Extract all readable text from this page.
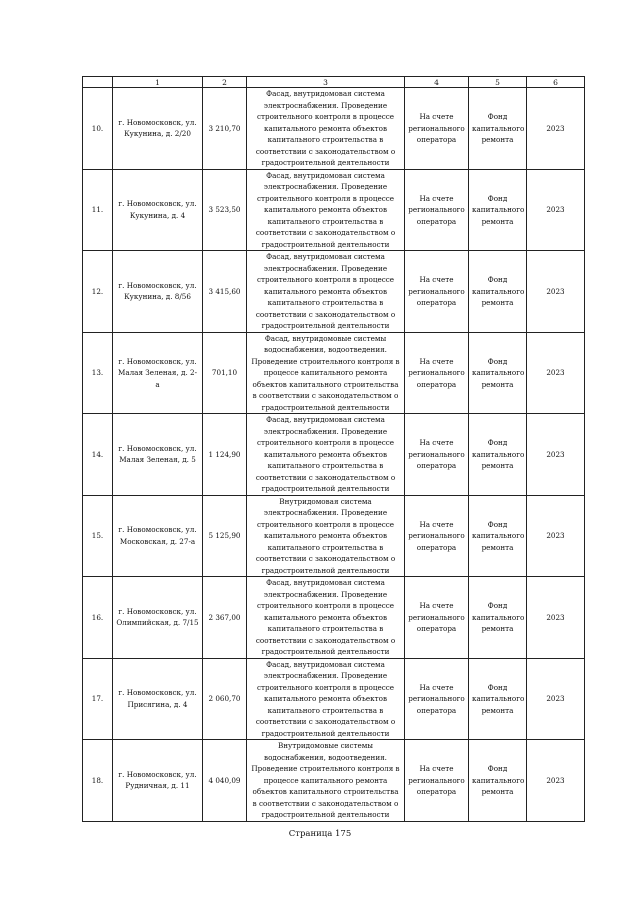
	1	2	3	4	5	6
10.	г. Новомосковск, ул. Кукунина, д. 2/20	3 210,70	Фасад, внутридомовая система электроснабжения. Проведение строительного контроля в процессе капитального ремонта объектов капитального строительства в соответствии с законодательством о градостроительной деятельности	На счете регионального оператора	Фонд капитального ремонта	2023
11.	г. Новомосковск, ул. Кукунина, д. 4	3 523,50	Фасад, внутридомовая система электроснабжения. Проведение строительного контроля в процессе капитального ремонта объектов капитального строительства в соответствии с законодательством о градостроительной деятельности	На счете регионального оператора	Фонд капитального ремонта	2023
12.	г. Новомосковск, ул. Кукунина, д. 8/56	3 415,60	Фасад, внутридомовая система электроснабжения. Проведение строительного контроля в процессе капитального ремонта объектов капитального строительства в соответствии с законодательством о градостроительной деятельности	На счете регионального оператора	Фонд капитального ремонта	2023
13.	г. Новомосковск, ул. Малая Зеленая, д. 2-а	701,10	Фасад, внутридомовые системы водоснабжения, водоотведения. Проведение строительного контроля в процессе капитального ремонта объектов капитального строительства в соответствии с законодательством о градостроительной деятельности	На счете регионального оператора	Фонд капитального ремонта	2023
14.	г. Новомосковск, ул. Малая Зеленая, д. 5	1 124,90	Фасад, внутридомовая система электроснабжения. Проведение строительного контроля в процессе капитального ремонта объектов капитального строительства в соответствии с законодательством о градостроительной деятельности	На счете регионального оператора	Фонд капитального ремонта	2023
15.	г. Новомосковск, ул. Московская, д. 27-а	5 125,90	Внутридомовая система электроснабжения. Проведение строительного контроля в процессе капитального ремонта объектов капитального строительства в соответствии с законодательством о градостроительной деятельности	На счете регионального оператора	Фонд капитального ремонта	2023
16.	г. Новомосковск, ул. Олимпийская, д. 7/15	2 367,00	Фасад, внутридомовая система электроснабжения. Проведение строительного контроля в процессе капитального ремонта объектов капитального строительства в соответствии с законодательством о градостроительной деятельности	На счете регионального оператора	Фонд капитального ремонта	2023
17.	г. Новомосковск, ул. Присягина, д. 4	2 060,70	Фасад, внутридомовая система электроснабжения. Проведение строительного контроля в процессе капитального ремонта объектов капитального строительства в соответствии с законодательством о градостроительной деятельности	На счете регионального оператора	Фонд капитального ремонта	2023
18.	г. Новомосковск, ул. Рудничная, д. 11	4 040,09	Внутридомовые системы водоснабжения, водоотведения. Проведение строительного контроля в процессе капитального ремонта объектов капитального строительства в соответствии с законодательством о градостроительной деятельности	На счете регионального оператора	Фонд капитального ремонта	2023
Страница 175
